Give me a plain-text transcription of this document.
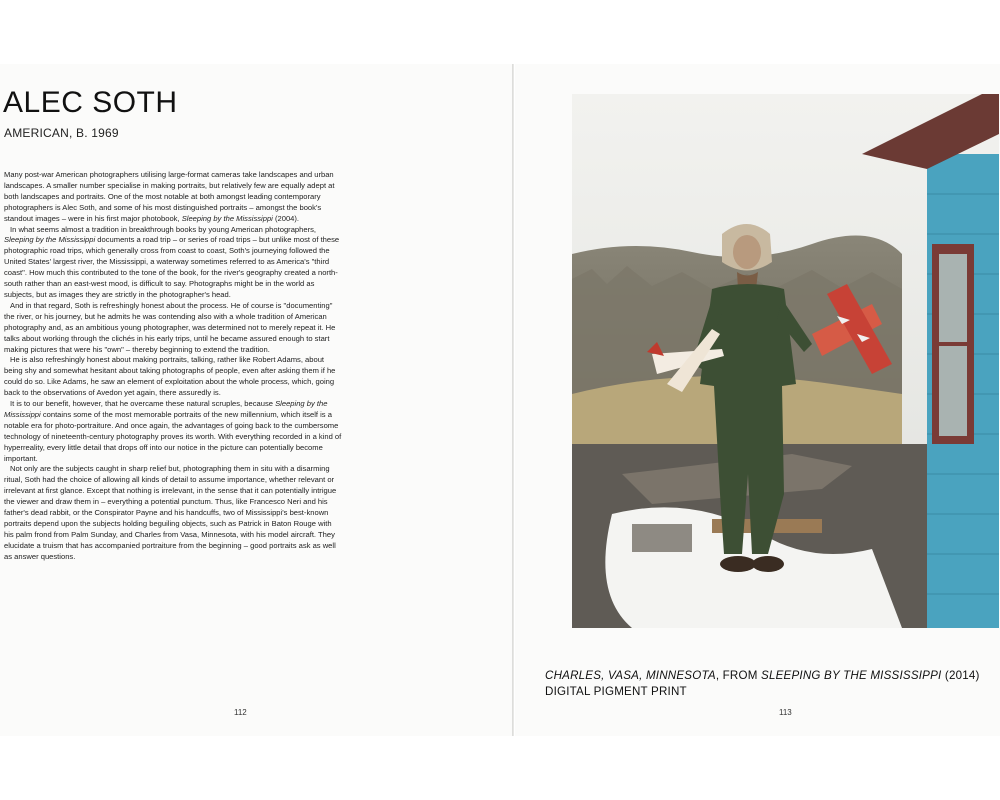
ALEC SOTH
AMERICAN, B. 1969

Many post-war American photographers utilising large-format cameras take landscapes and urban landscapes. A smaller number specialise in making portraits, but relatively few are equally adept at both landscapes and portraits. One of the most notable at both amongst leading contemporary photographers is Alec Soth, and some of his most distinguished portraits – amongst the book's standout images – were in his first major photobook, Sleeping by the Mississippi (2004).

In what seems almost a tradition in breakthrough books by young American photographers, Sleeping by the Mississippi documents a road trip – or series of road trips – but unlike most of these photographic road trips, which generally cross from coast to coast, Soth's journeying followed the United States' largest river, the Mississippi, a waterway sometimes referred to as America's "third coast". How much this contributed to the tone of the book, for the river's geography created a north-south rather than an east-west mood, is difficult to say. Photographs might be in the world as subjects, but as images they are strictly in the photographer's head.

And in that regard, Soth is refreshingly honest about the process. He of course is "documenting" the river, or his journey, but he admits he was contending also with a whole tradition of American photography and, as an ambitious young photographer, was determined not to merely repeat it. He talks about working through the clichés in his early trips, until he became assured enough to start making pictures that were his "own" – thereby beginning to extend the tradition.

He is also refreshingly honest about making portraits, talking, rather like Robert Adams, about being shy and somewhat hesitant about taking photographs of people, even after asking them if he could do so. Like Adams, he saw an element of exploitation about the whole process, which, going back to the observations of Avedon yet again, there assuredly is.

It is to our benefit, however, that he overcame these natural scruples, because Sleeping by the Mississippi contains some of the most memorable portraits of the new millennium, which itself is a notable era for photo-portraiture. And once again, the advantages of going back to the cumbersome technology of nineteenth-century photography proves its worth. With everything recorded in a kind of hyperreality, every little detail that drops off into our notice in the picture can potentially become important.

Not only are the subjects caught in sharp relief but, photographing them in situ with a disarming ritual, Soth had the choice of allowing all kinds of detail to assume importance, whether relevant or irrelevant at first glance. Except that nothing is irrelevant, in the sense that it can potentially intrigue the viewer and draw them in – everything a potential punctum. Thus, like Francesco Neri and his father's dead rabbit, or the Conspirator Payne and his handcuffs, two of Mississippi's best-known portraits depend upon the subjects holding beguiling objects, such as Patrick in Baton Rouge with his palm frond from Palm Sunday, and Charles from Vasa, Minnesota, with his model aircraft. They elucidate a truism that has accompanied portraiture from the beginning – good portraits ask as well as answer questions.

112	113
CHARLES, VASA, MINNESOTA, FROM SLEEPING BY THE MISSISSIPPI (2014)
DIGITAL PIGMENT PRINT
